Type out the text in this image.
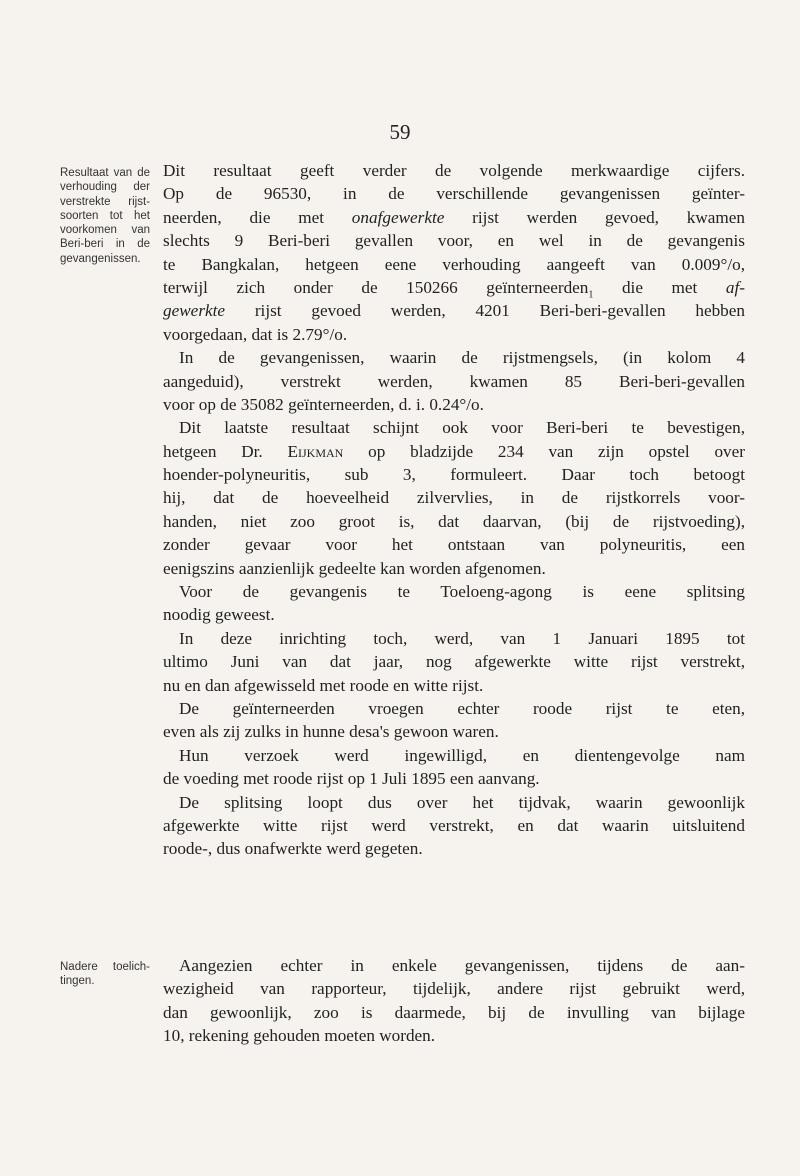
59
Resultaat van de
verhouding der
verstrekte rijst-
soorten tot het
voorkomen van
Beri-beri in de
gevangenissen.
Nadere toelich-
tingen.
Dit resultaat geeft verder de volgende merkwaardige cijfers.
Op de 96530, in de verschillende gevangenissen geïnter-
neerden, die met onafgewerkte rijst werden gevoed, kwamen
slechts 9 Beri-beri gevallen voor, en wel in de gevangenis
te Bangkalan, hetgeen eene verhouding aangeeft van 0.009°/o,
terwijl zich onder de 150266 geïnterneerden$_1$ die met af-
gewerkte rijst gevoed werden, 4201 Beri-beri-gevallen hebben
voorgedaan, dat is 2.79°/o.
In de gevangenissen, waarin de rijstmengsels, (in kolom 4
aangeduid), verstrekt werden, kwamen 85 Beri-beri-gevallen
voor op de 35082 geïnterneerden, d. i. 0.24°/o.
Dit laatste resultaat schijnt ook voor Beri-beri te bevestigen,
hetgeen Dr. Eijkman op bladzijde 234 van zijn opstel over
hoender-polyneuritis, sub 3, formuleert. Daar toch betoogt
hij, dat de hoeveelheid zilvervlies, in de rijstkorrels voor-
handen, niet zoo groot is, dat daarvan, (bij de rijstvoeding),
zonder gevaar voor het ontstaan van polyneuritis, een
eenigszins aanzienlijk gedeelte kan worden afgenomen.
Voor de gevangenis te Toeloeng-agong is eene splitsing
noodig geweest.
In deze inrichting toch, werd, van 1 Januari 1895 tot
ultimo Juni van dat jaar, nog afgewerkte witte rijst verstrekt,
nu en dan afgewisseld met roode en witte rijst.
De geïnterneerden vroegen echter roode rijst te eten,
even als zij zulks in hunne desa's gewoon waren.
Hun verzoek werd ingewilligd, en dientengevolge nam
de voeding met roode rijst op 1 Juli 1895 een aanvang.
De splitsing loopt dus over het tijdvak, waarin gewoonlijk
afgewerkte witte rijst werd verstrekt, en dat waarin uitsluitend
roode-, dus onafwerkte werd gegeten.
Aangezien echter in enkele gevangenissen, tijdens de aan-
wezigheid van rapporteur, tijdelijk, andere rijst gebruikt werd,
dan gewoonlijk, zoo is daarmede, bij de invulling van bijlage
10, rekening gehouden moeten worden.
